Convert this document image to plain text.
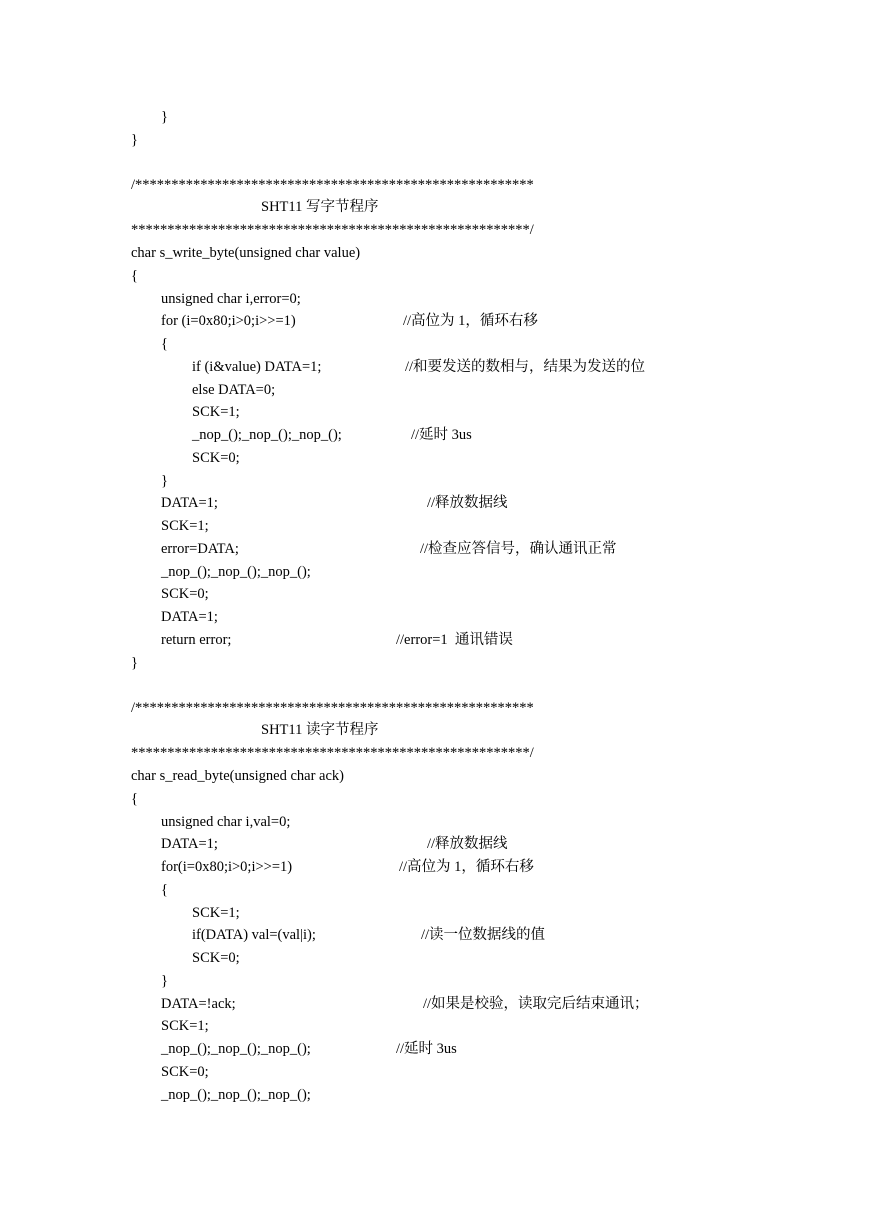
}
}
/*******************************************************
SHT11 写字节程序
*******************************************************/
char s_write_byte(unsigned char value)
{
unsigned char i,error=0;
for (i=0x80;i>0;i>>=1)	//高位为 1，循环右移
{
if (i&value) DATA=1;	//和要发送的数相与，结果为发送的位
else DATA=0;
SCK=1;
_nop_();_nop_();_nop_();	//延时 3us
SCK=0;
}
DATA=1;	//释放数据线
SCK=1;
error=DATA;	//检查应答信号，确认通讯正常
_nop_();_nop_();_nop_();
SCK=0;
DATA=1;
return error;	//error=1  通讯错误
}
/*******************************************************
SHT11 读字节程序
*******************************************************/
char s_read_byte(unsigned char ack)
{
unsigned char i,val=0;
DATA=1;	//释放数据线
for(i=0x80;i>0;i>>=1)	//高位为 1，循环右移
{
SCK=1;
if(DATA) val=(val|i);	//读一位数据线的值
SCK=0;
}
DATA=!ack;	//如果是校验，读取完后结束通讯；
SCK=1;
_nop_();_nop_();_nop_();	//延时 3us
SCK=0;
_nop_();_nop_();_nop_();
